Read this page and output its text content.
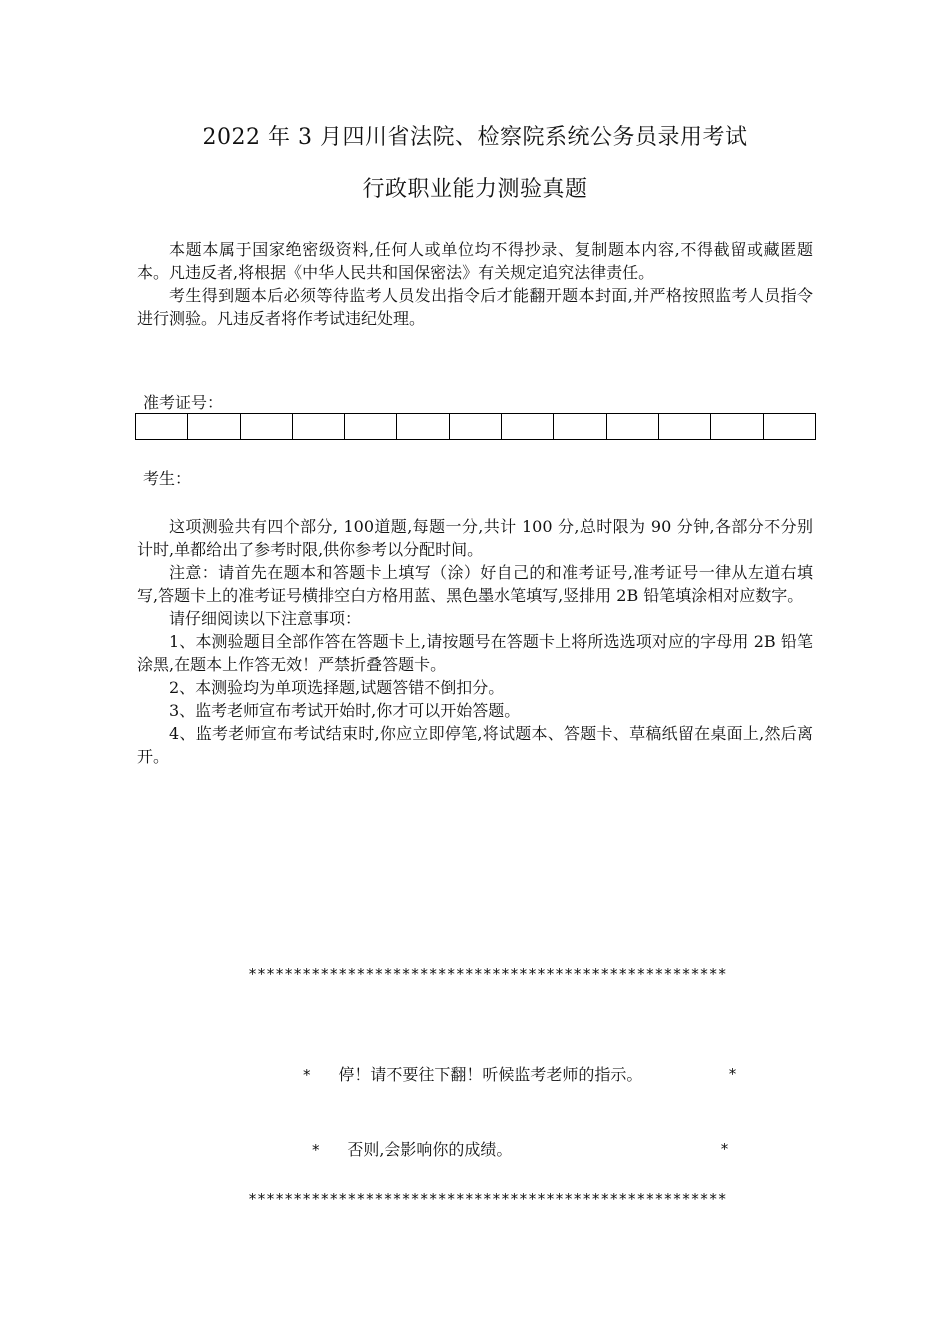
2022 年 3 月四川省法院、检察院系统公务员录用考试
行政职业能力测验真题

本题本属于国家绝密级资料,任何人或单位均不得抄录、复制题本内容,不得截留或藏匿题本。凡违反者,将根据《中华人民共和国保密法》有关规定追究法律责任。

考生得到题本后必须等待监考人员发出指令后才能翻开题本封面,并严格按照监考人员指令进行测验。凡违反者将作考试违纪处理。

准考证号：

考生：

这项测验共有四个部分, 100道题,每题一分,共计 100 分,总时限为 90 分钟,各部分不分别计时,单都给出了参考时限,供你参考以分配时间。

注意：请首先在题本和答题卡上填写（涂）好自己的和准考证号,准考证号一律从左道右填写,答题卡上的准考证号横排空白方格用蓝、黑色墨水笔填写,竖排用 2B 铅笔填涂相对应数字。

请仔细阅读以下注意事项：

1、本测验题目全部作答在答题卡上,请按题号在答题卡上将所选选项对应的字母用 2B 铅笔涂黑,在题本上作答无效！严禁折叠答题卡。

2、本测验均为单项选择题,试题答错不倒扣分。

3、监考老师宣布考试开始时,你才可以开始答题。

4、监考老师宣布考试结束时,你应立即停笔,将试题本、答题卡、草稿纸留在桌面上,然后离开。

*****************************************************

* 停！请不要往下翻！听候监考老师的指示。	*

* 否则,会影响你的成绩。	*

*****************************************************
